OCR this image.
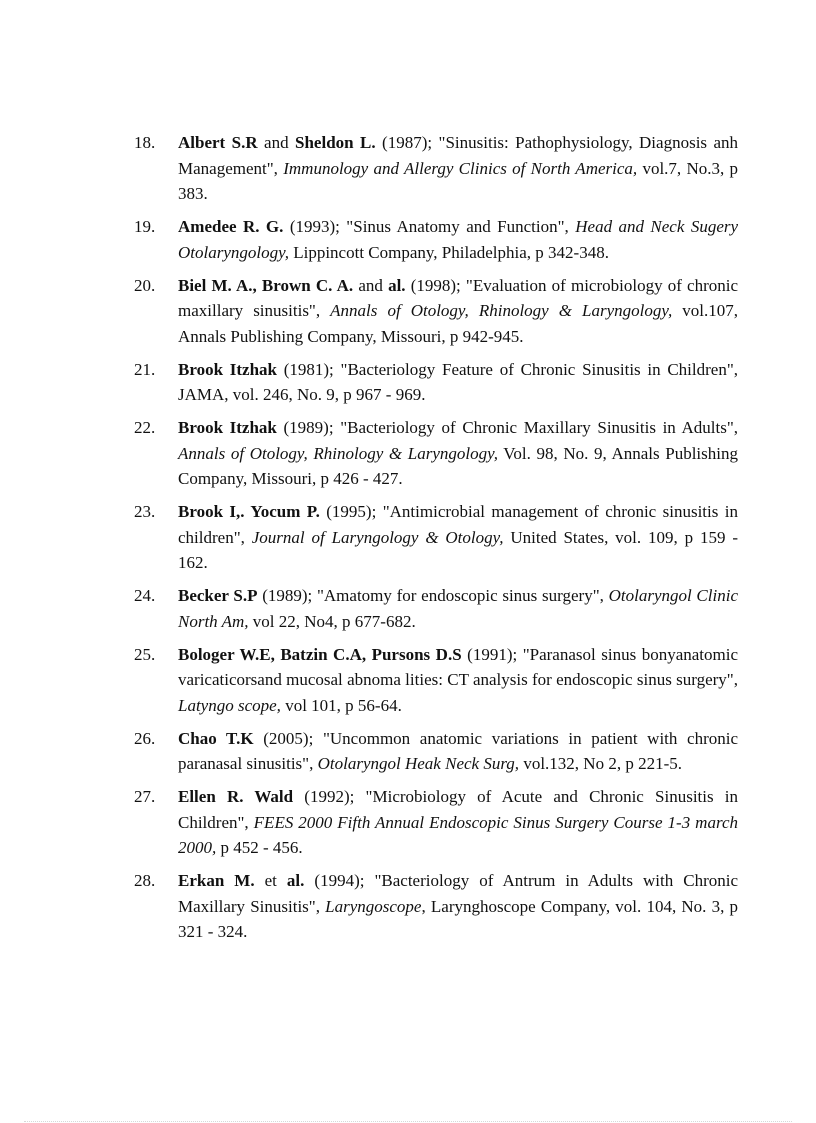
18. Albert S.R and Sheldon L. (1987); "Sinusitis: Pathophysiology, Diagnosis anh Management", Immunology and Allergy Clinics of North America, vol.7, No.3, p 383.
19. Amedee R. G. (1993); "Sinus Anatomy and Function", Head and Neck Sugery Otolaryngology, Lippincott Company, Philadelphia, p 342-348.
20. Biel M. A., Brown C. A. and al. (1998); "Evaluation of microbiology of chronic maxillary sinusitis", Annals of Otology, Rhinology & Laryngology, vol.107, Annals Publishing Company, Missouri, p 942-945.
21. Brook Itzhak (1981); "Bacteriology Feature of Chronic Sinusitis in Children", JAMA, vol. 246, No. 9, p 967 - 969.
22. Brook Itzhak (1989); "Bacteriology of Chronic Maxillary Sinusitis in Adults", Annals of Otology, Rhinology & Laryngology, Vol. 98, No. 9, Annals Publishing Company, Missouri, p 426 - 427.
23. Brook I,. Yocum P. (1995); "Antimicrobial management of chronic sinusitis in children", Journal of Laryngology & Otology, United States, vol. 109, p 159 - 162.
24. Becker S.P (1989); "Amatomy for endoscopic sinus surgery", Otolaryngol Clinic North Am, vol 22, No4, p 677-682.
25. Bologer W.E, Batzin C.A, Pursons D.S (1991); "Paranasol sinus bonyanatomic varicaticorsand mucosal abnoma lities: CT analysis for endoscopic sinus surgery", Latyngo scope, vol 101, p 56-64.
26. Chao T.K (2005); "Uncommon anatomic variations in patient with chronic paranasal sinusitis", Otolaryngol Heak Neck Surg, vol.132, No 2, p 221-5.
27. Ellen R. Wald (1992); "Microbiology of Acute and Chronic Sinusitis in Children", FEES 2000 Fifth Annual Endoscopic Sinus Surgery Course 1-3 march 2000, p 452 - 456.
28. Erkan M. et al. (1994); "Bacteriology of Antrum in Adults with Chronic Maxillary Sinusitis", Laryngoscope, Larynghoscope Company, vol. 104, No. 3, p 321 - 324.
